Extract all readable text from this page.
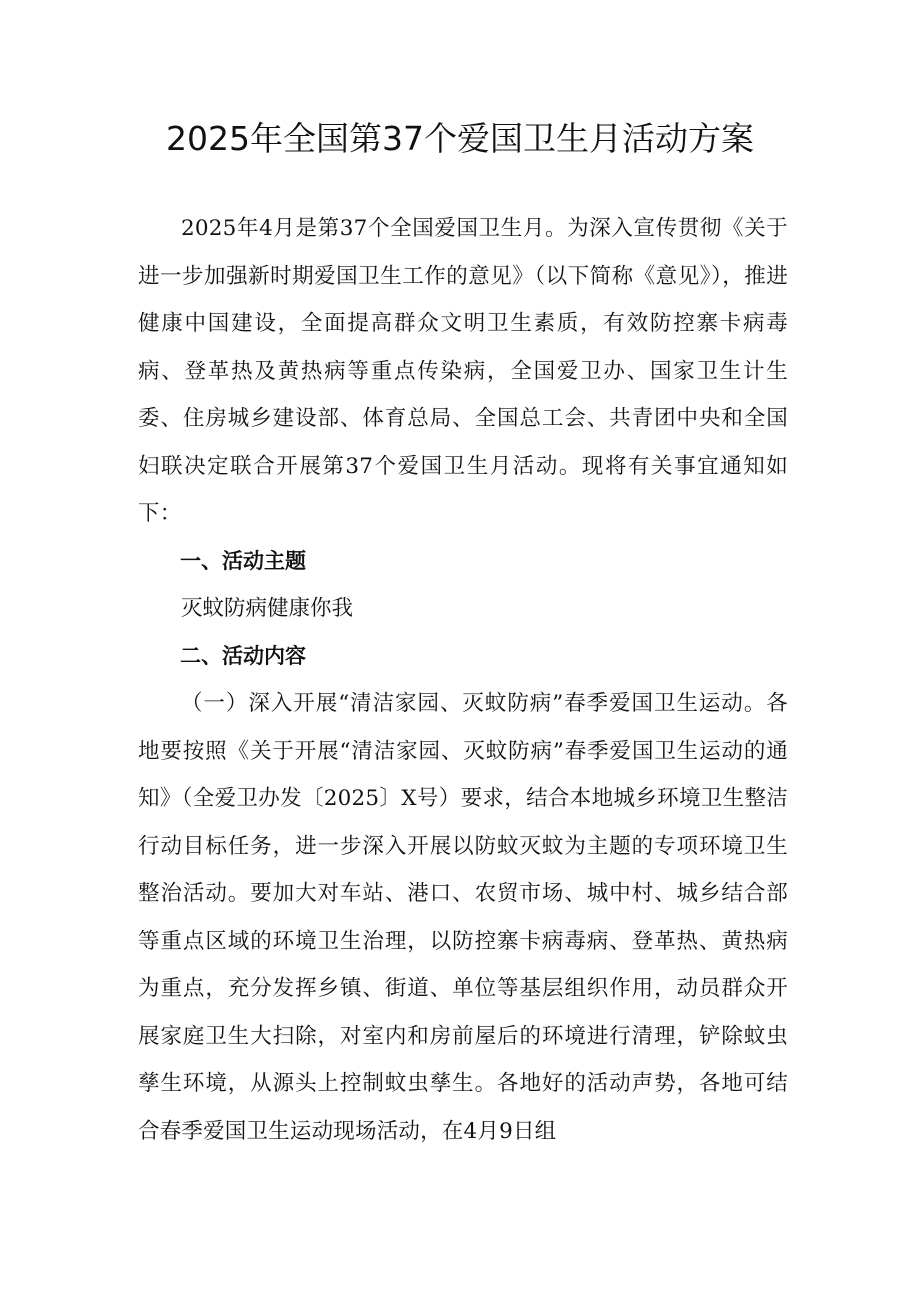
2025年全国第37个爱国卫生月活动方案

2025年4月是第37个全国爱国卫生月。为深入宣传贯彻《关于进一步加强新时期爱国卫生工作的意见》（以下简称《意见》），推进健康中国建设，全面提高群众文明卫生素质，有效防控寨卡病毒病、登革热及黄热病等重点传染病，全国爱卫办、国家卫生计生委、住房城乡建设部、体育总局、全国总工会、共青团中央和全国妇联决定联合开展第37个爱国卫生月活动。现将有关事宜通知如下：

一、活动主题

灭蚊防病健康你我

二、活动内容

（一）深入开展“清洁家园、灭蚊防病”春季爱国卫生运动。各地要按照《关于开展“清洁家园、灭蚊防病”春季爱国卫生运动的通知》（全爱卫办发〔2025〕X号）要求，结合本地城乡环境卫生整洁行动目标任务，进一步深入开展以防蚊灭蚊为主题的专项环境卫生整治活动。要加大对车站、港口、农贸市场、城中村、城乡结合部等重点区域的环境卫生治理，以防控寨卡病毒病、登革热、黄热病为重点，充分发挥乡镇、街道、单位等基层组织作用，动员群众开展家庭卫生大扫除，对室内和房前屋后的环境进行清理，铲除蚊虫孳生环境，从源头上控制蚊虫孳生。各地好的活动声势，各地可结合春季爱国卫生运动现场活动，在4月9日组
